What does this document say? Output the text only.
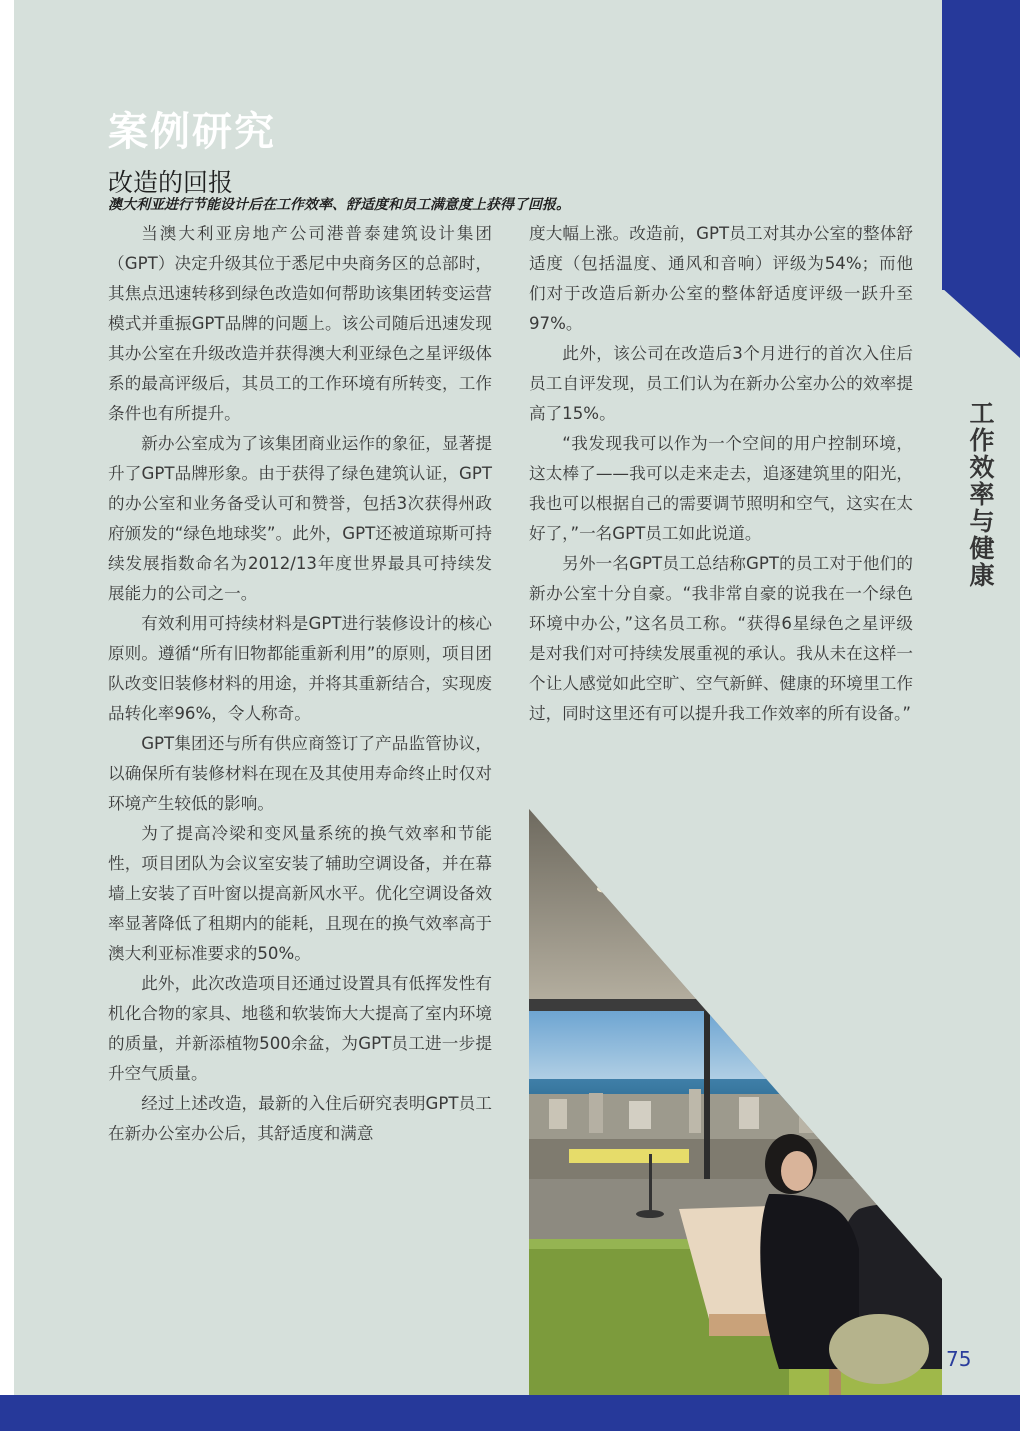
案例研究
改造的回报

澳大利亚进行节能设计后在工作效率、舒适度和员工满意度上获得了回报。

当澳大利亚房地产公司港普泰建筑设计集团（GPT）决定升级其位于悉尼中央商务区的总部时，其焦点迅速转移到绿色改造如何帮助该集团转变运营模式并重振GPT品牌的问题上。该公司随后迅速发现其办公室在升级改造并获得澳大利亚绿色之星评级体系的最高评级后，其员工的工作环境有所转变，工作条件也有所提升。

新办公室成为了该集团商业运作的象征，显著提升了GPT品牌形象。由于获得了绿色建筑认证，GPT的办公室和业务备受认可和赞誉，包括3次获得州政府颁发的“绿色地球奖”。此外，GPT还被道琼斯可持续发展指数命名为2012/13年度世界最具可持续发展能力的公司之一。

有效利用可持续材料是GPT进行装修设计的核心原则。遵循“所有旧物都能重新利用”的原则，项目团队改变旧装修材料的用途，并将其重新结合，实现废品转化率96%，令人称奇。

GPT集团还与所有供应商签订了产品监管协议，以确保所有装修材料在现在及其使用寿命终止时仅对环境产生较低的影响。

为了提高冷梁和变风量系统的换气效率和节能性，项目团队为会议室安装了辅助空调设备，并在幕墙上安装了百叶窗以提高新风水平。优化空调设备效率显著降低了租期内的能耗，且现在的换气效率高于澳大利亚标准要求的50%。

此外，此次改造项目还通过设置具有低挥发性有机化合物的家具、地毯和软装饰大大提高了室内环境的质量，并新添植物500余盆，为GPT员工进一步提升空气质量。

经过上述改造，最新的入住后研究表明GPT员工在新办公室办公后，其舒适度和满意

度大幅上涨。改造前，GPT员工对其办公室的整体舒适度（包括温度、通风和音响）评级为54%；而他们对于改造后新办公室的整体舒适度评级一跃升至97%。

此外，该公司在改造后3个月进行的首次入住后员工自评发现，员工们认为在新办公室办公的效率提高了15%。

“我发现我可以作为一个空间的用户控制环境，这太棒了——我可以走来走去，追逐建筑里的阳光，我也可以根据自己的需要调节照明和空气，这实在太好了，”一名GPT员工如此说道。

另外一名GPT员工总结称GPT的员工对于他们的新办公室十分自豪。“我非常自豪的说我在一个绿色环境中办公，”这名员工称。“获得6星绿色之星评级是对我们对可持续发展重视的承认。我从未在这样一个让人感觉如此空旷、空气新鲜、健康的环境里工作过，同时这里还有可以提升我工作效率的所有设备。”

工作效率与健康
75
